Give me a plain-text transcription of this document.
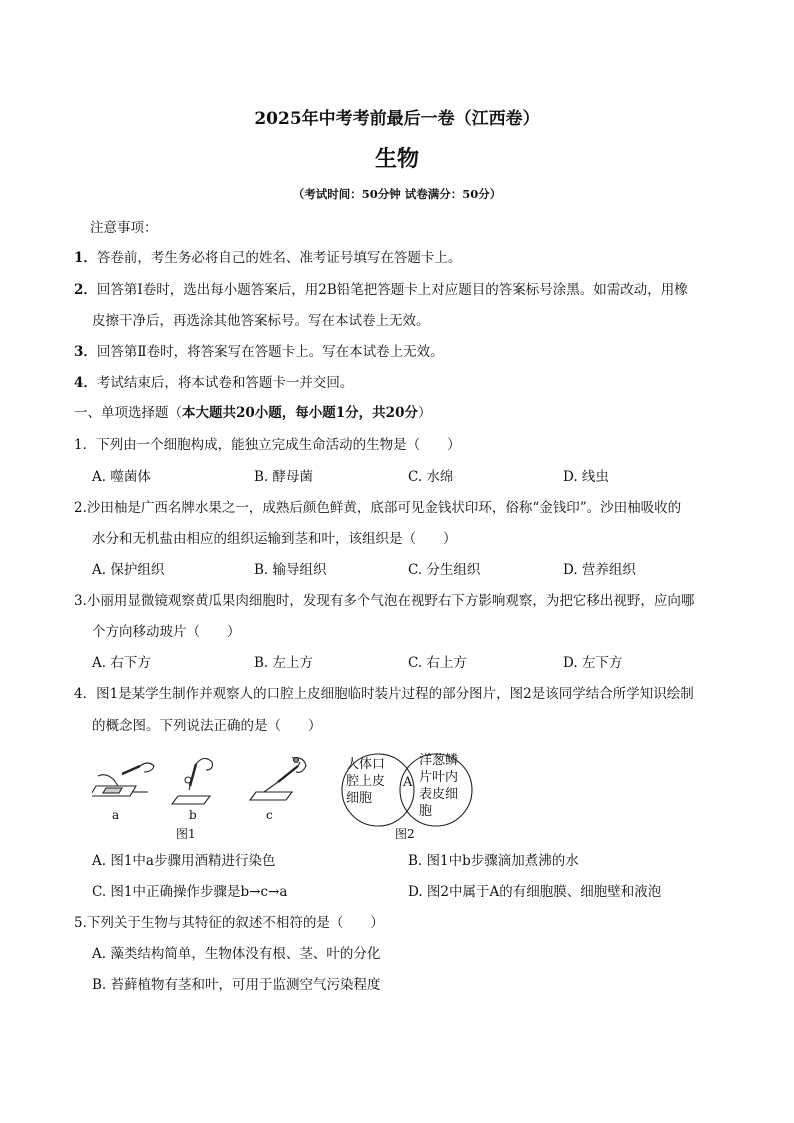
2025年中考考前最后一卷（江西卷）
生物
（考试时间：50分钟 试卷满分：50分）
注意事项：
1．答卷前，考生务必将自己的姓名、准考证号填写在答题卡上。
2．回答第Ⅰ卷时，选出每小题答案后，用2B铅笔把答题卡上对应题目的答案标号涂黑。如需改动，用橡
皮擦干净后，再选涂其他答案标号。写在本试卷上无效。
3．回答第Ⅱ卷时，将答案写在答题卡上。写在本试卷上无效。
4．考试结束后，将本试卷和答题卡一并交回。
一、单项选择题（本大题共20小题，每小题1分，共20分）
1．下列由一个细胞构成，能独立完成生命活动的生物是（　　）
A. 噬菌体	B. 酵母菌	C. 水绵	D. 线虫
2.沙田柚是广西名牌水果之一，成熟后颜色鲜黄，底部可见金钱状印环，俗称“金钱印”。沙田柚吸收的
水分和无机盐由相应的组织运输到茎和叶，该组织是（　　）
A. 保护组织	B. 输导组织	C. 分生组织	D. 营养组织
3.小丽用显微镜观察黄瓜果肉细胞时，发现有多个气泡在视野右下方影响观察，为把它移出视野，应向哪
个方向移动玻片（　　）
A. 右下方	B. 左上方	C. 右上方	D. 左下方
4．图1是某学生制作并观察人的口腔上皮细胞临时装片过程的部分图片，图2是该同学结合所学知识绘制
的概念图。下列说法正确的是（　　）
a	b	c
图1
人体口
腔上皮
细胞
A
洋葱鳞
片叶内
表皮细
胞
图2
A. 图1中a步骤用酒精进行染色	B. 图1中b步骤滴加煮沸的水
C. 图1中正确操作步骤是b→c→a	D. 图2中属于A的有细胞膜、细胞壁和液泡
5.下列关于生物与其特征的叙述不相符的是（　　）
A. 藻类结构简单，生物体没有根、茎、叶的分化
B. 苔藓植物有茎和叶，可用于监测空气污染程度
